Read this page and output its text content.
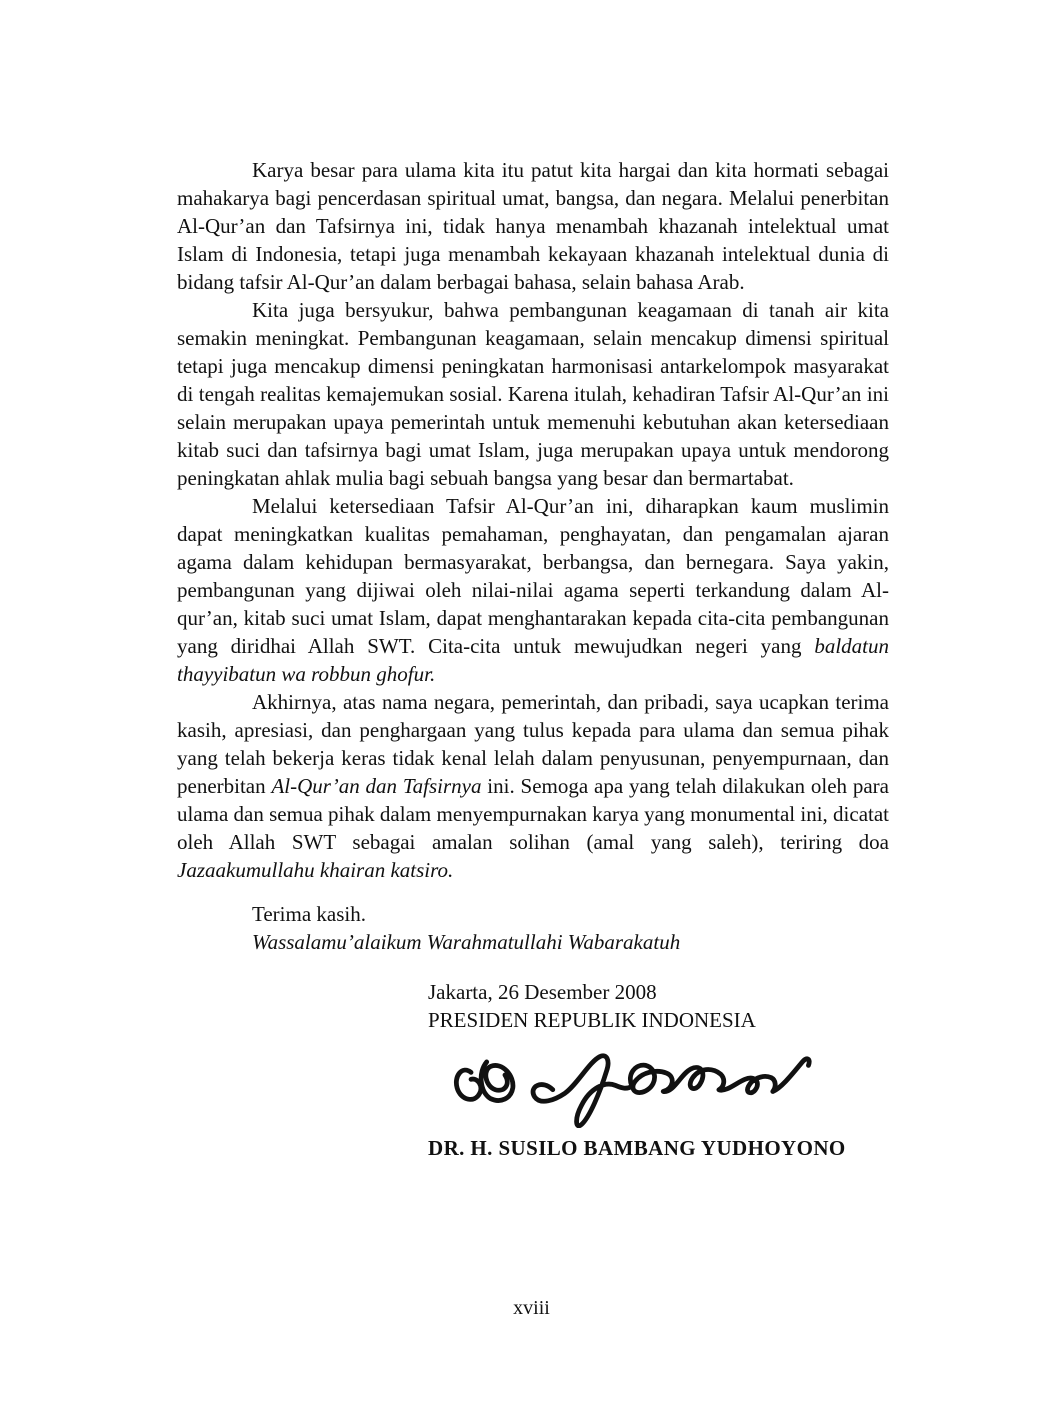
Karya besar para ulama kita itu patut kita hargai dan kita hormati sebagai mahakarya bagi pencerdasan spiritual umat, bangsa, dan negara. Melalui penerbitan Al-Qur’an dan Tafsirnya ini, tidak hanya menambah khazanah intelektual umat Islam di Indonesia, tetapi juga menambah kekayaan khazanah intelektual dunia di bidang tafsir Al-Qur’an dalam berbagai bahasa, selain bahasa Arab.

Kita juga bersyukur, bahwa pembangunan keagamaan di tanah air kita semakin meningkat. Pembangunan keagamaan, selain mencakup dimensi spiritual tetapi juga mencakup dimensi peningkatan harmonisasi antarkelompok masyarakat di tengah realitas kemajemukan sosial. Karena itulah, kehadiran Tafsir Al-Qur’an ini selain merupakan upaya pemerintah untuk memenuhi kebutuhan akan ketersediaan kitab suci dan tafsirnya bagi umat Islam, juga merupakan upaya untuk mendorong peningkatan ahlak mulia bagi sebuah bangsa yang besar dan bermartabat.

Melalui ketersediaan Tafsir Al-Qur’an ini, diharapkan kaum muslimin dapat meningkatkan kualitas pemahaman, penghayatan, dan pengamalan ajaran agama dalam kehidupan bermasyarakat, berbangsa, dan bernegara. Saya yakin, pembangunan yang dijiwai oleh nilai-nilai agama seperti terkandung dalam Al-qur’an, kitab suci umat Islam, dapat menghantarakan kepada cita-cita pembangunan yang diridhai Allah SWT. Cita-cita untuk mewujudkan negeri yang baldatun thayyibatun wa robbun ghofur.

Akhirnya, atas nama negara, pemerintah, dan pribadi, saya ucapkan terima kasih, apresiasi, dan penghargaan yang tulus kepada para ulama dan semua pihak yang telah bekerja keras tidak kenal lelah dalam penyusunan, penyempurnaan, dan penerbitan Al-Qur’an dan Tafsirnya ini. Semoga apa yang telah dilakukan oleh para ulama dan semua pihak dalam menyempurnakan karya yang monumental ini, dicatat oleh Allah SWT sebagai amalan solihan (amal yang saleh), teriring doa Jazaakumullahu khairan katsiro.

Terima kasih.

Wassalamu’alaikum Warahmatullahi Wabarakatuh

Jakarta, 26 Desember 2008

PRESIDEN REPUBLIK INDONESIA

DR. H. SUSILO BAMBANG YUDHOYONO

xviii
